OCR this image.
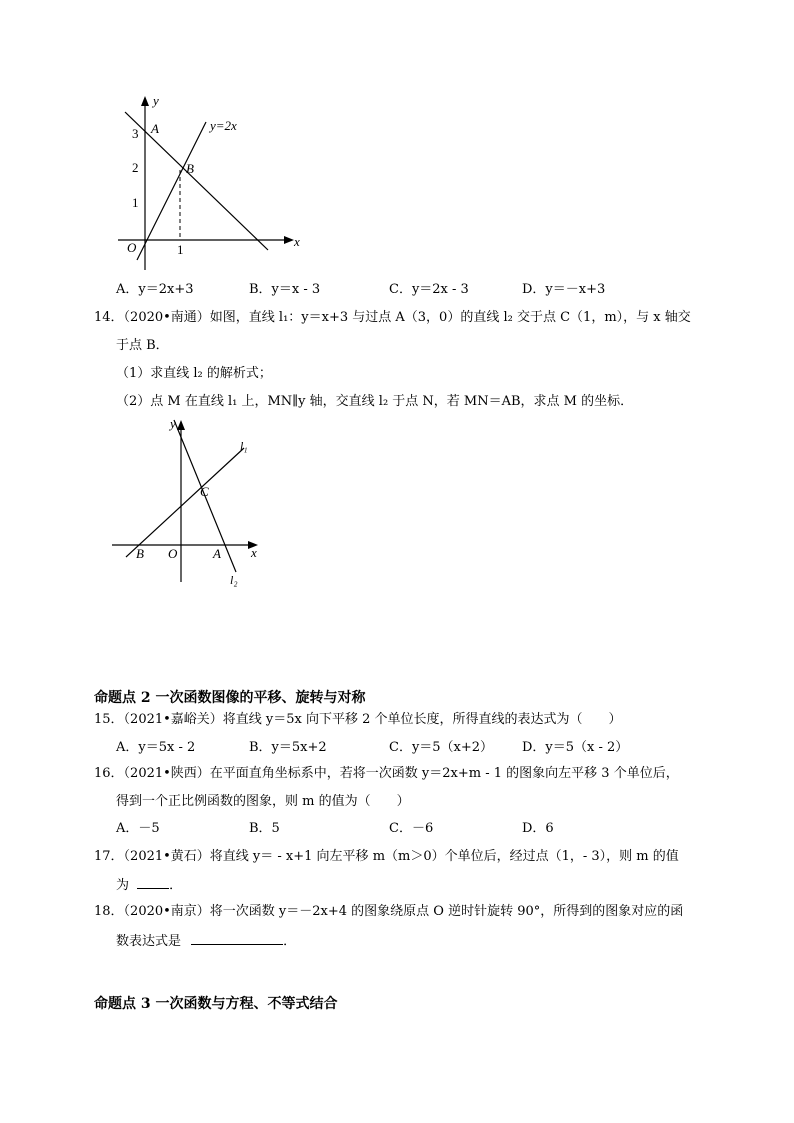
y
x
O
3
2
1
1
A
B
y=2x
A．y＝2x+3	B．y＝x - 3	C．y＝2x - 3	D．y＝－x+3
14．（2020•南通）如图，直线 l₁：y＝x+3 与过点 A（3，0）的直线 l₂ 交于点 C（1，m），与 x 轴交
于点 B．
（1）求直线 l₂ 的解析式；
（2）点 M 在直线 l₁ 上，MN∥y 轴，交直线 l₂ 于点 N，若 MN＝AB，求点 M 的坐标．
y
x
O
l₁
l₂
A
B
C
命题点 2 一次函数图像的平移、旋转与对称
15．（2021•嘉峪关）将直线 y＝5x 向下平移 2 个单位长度，所得直线的表达式为（　　）
A．y＝5x - 2	B．y＝5x+2	C．y＝5（x+2） D．y＝5（x - 2）
16．（2021•陕西）在平面直角坐标系中，若将一次函数 y＝2x+m - 1 的图象向左平移 3 个单位后，
得到一个正比例函数的图象，则 m 的值为（　　）
A．－5	B．5	C．－6	D．6
17．（2021•黄石）将直线 y＝ - x+1 向左平移 m（m＞0）个单位后，经过点（1，- 3），则 m 的值
为	．
18．（2020•南京）将一次函数 y＝－2x+4 的图象绕原点 O 逆时针旋转 90°，所得到的图象对应的函
数表达式是	．
命题点 3 一次函数与方程、不等式结合
